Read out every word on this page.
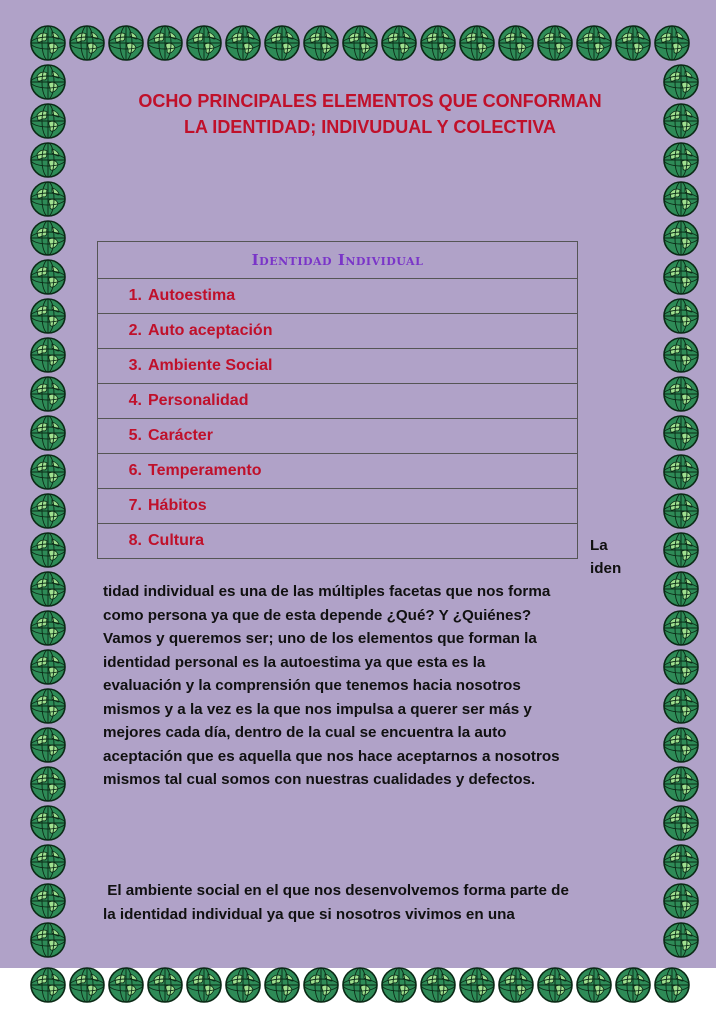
OCHO PRINCIPALES ELEMENTOS QUE CONFORMAN
LA IDENTIDAD; INDIVUDUAL Y COLECTIVA
Identidad Individual
1. Autoestima
2. Auto aceptación
3. Ambiente Social
4. Personalidad
5. Carácter
6. Temperamento
7. Hábitos
8. Cultura	La
iden
tidad individual es una de las múltiples facetas que nos forma
como persona ya que de esta depende ¿Qué? Y ¿Quiénes?
Vamos y queremos ser; uno de los elementos que forman la
identidad personal es la autoestima ya que esta es la
evaluación y la comprensión que tenemos hacia nosotros
mismos y a la vez es la que nos impulsa a querer ser más y
mejores cada día, dentro de la cual se encuentra la auto
aceptación que es aquella que nos hace aceptarnos a nosotros
mismos tal cual somos con nuestras cualidades y defectos.
El ambiente social en el que nos desenvolvemos forma parte de
la identidad individual ya que si nosotros vivimos en una
